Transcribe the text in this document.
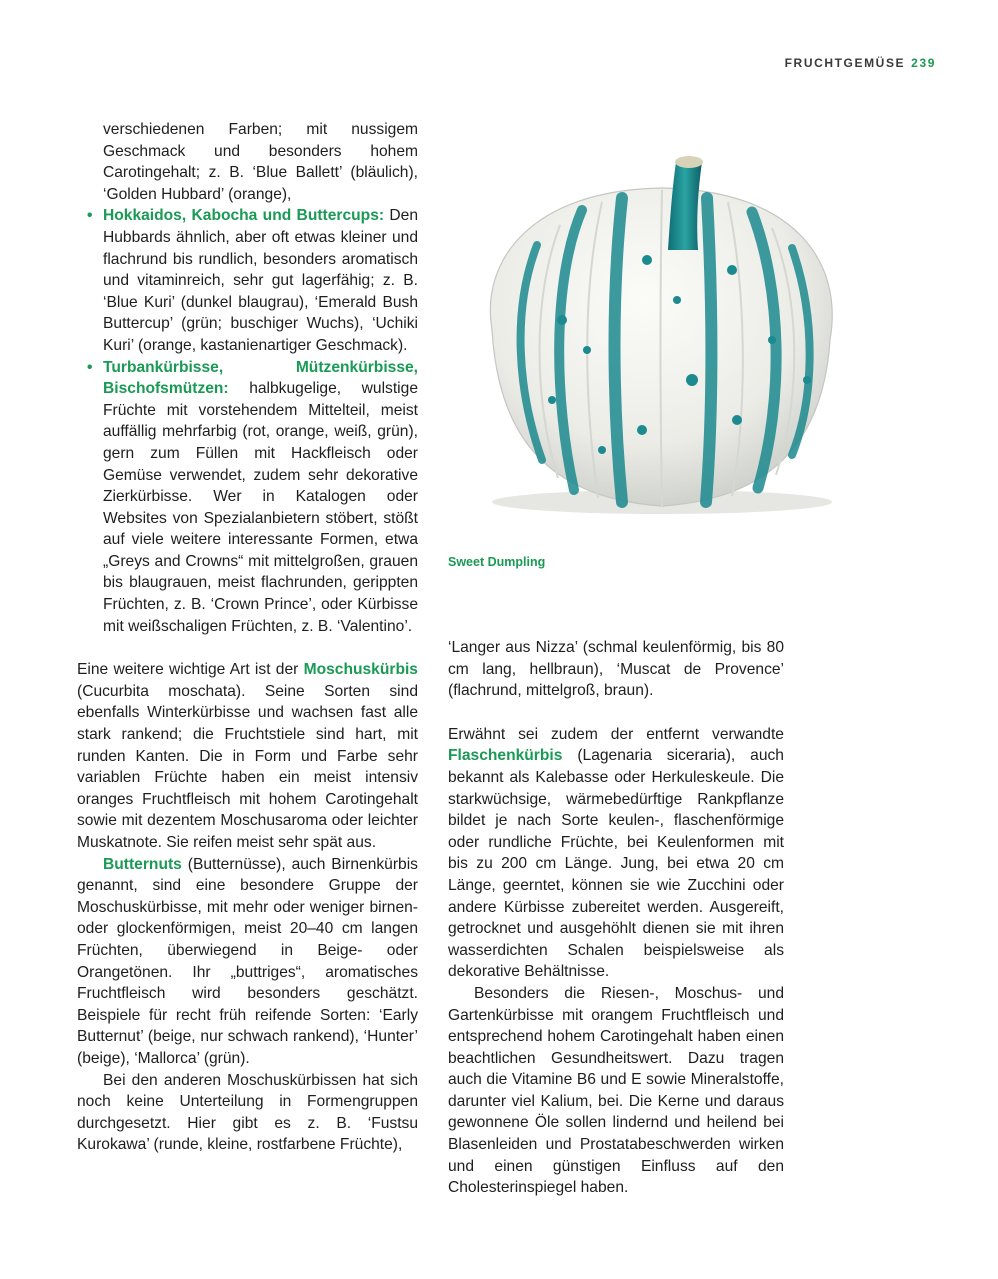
FRUCHTGEMÜSE 239

verschiedenen Farben; mit nussigem Geschmack und besonders hohem Carotingehalt; z. B. ‘Blue Ballett’ (bläulich), ‘Golden Hubbard’ (orange),

• Hokkaidos, Kabocha und Buttercups: Den Hubbards ähnlich, aber oft etwas kleiner und flachrund bis rundlich, besonders aromatisch und vitaminreich, sehr gut lagerfähig; z. B. ‘Blue Kuri’ (dunkel blaugrau), ‘Emerald Bush Buttercup’ (grün; buschiger Wuchs), ‘Uchiki Kuri’ (orange, kastanienartiger Geschmack).
• Turbankürbisse, Mützenkürbisse, Bischofsmützen: halbkugelige, wulstige Früchte mit vorstehendem Mittelteil, meist auffällig mehrfarbig (rot, orange, weiß, grün), gern zum Füllen mit Hackfleisch oder Gemüse verwendet, zudem sehr dekorative Zierkürbisse. Wer in Katalogen oder Websites von Spezialanbietern stöbert, stößt auf viele weitere interessante Formen, etwa „Greys and Crowns“ mit mittelgroßen, grauen bis blaugrauen, meist flachrunden, gerippten Früchten, z. B. ‘Crown Prince’, oder Kürbisse mit weißschaligen Früchten, z. B. ‘Valentino’.

Eine weitere wichtige Art ist der Moschuskürbis (Cucurbita moschata). Seine Sorten sind ebenfalls Winterkürbisse und wachsen fast alle stark rankend; die Fruchtstiele sind hart, mit runden Kanten. Die in Form und Farbe sehr variablen Früchte haben ein meist intensiv oranges Fruchtfleisch mit hohem Carotingehalt sowie mit dezentem Moschusaroma oder leichter Muskatnote. Sie reifen meist sehr spät aus.

Butternuts (Butternüsse), auch Birnenkürbis genannt, sind eine besondere Gruppe der Moschuskürbisse, mit mehr oder weniger birnen- oder glockenförmigen, meist 20–40 cm langen Früchten, überwiegend in Beige- oder Orangetönen. Ihr „buttriges“, aromatisches Fruchtfleisch wird besonders geschätzt. Beispiele für recht früh reifende Sorten: ‘Early Butternut’ (beige, nur schwach rankend), ‘Hunter’ (beige), ‘Mallorca’ (grün).

Bei den anderen Moschuskürbissen hat sich noch keine Unterteilung in Formengruppen durchgesetzt. Hier gibt es z. B. ‘Fustsu Kurokawa’ (runde, kleine, rostfarbene Früchte),

Sweet Dumpling

‘Langer aus Nizza’ (schmal keulenförmig, bis 80 cm lang, hellbraun), ‘Muscat de Provence’ (flachrund, mittelgroß, braun).

Erwähnt sei zudem der entfernt verwandte Flaschenkürbis (Lagenaria siceraria), auch bekannt als Kalebasse oder Herkuleskeule. Die starkwüchsige, wärmebedürftige Rankpflanze bildet je nach Sorte keulen-, flaschenförmige oder rundliche Früchte, bei Keulenformen mit bis zu 200 cm Länge. Jung, bei etwa 20 cm Länge, geerntet, können sie wie Zucchini oder andere Kürbisse zubereitet werden. Ausgereift, getrocknet und ausgehöhlt dienen sie mit ihren wasserdichten Schalen beispielsweise als dekorative Behältnisse.

Besonders die Riesen-, Moschus- und Gartenkürbisse mit orangem Fruchtfleisch und entsprechend hohem Carotingehalt haben einen beachtlichen Gesundheitswert. Dazu tragen auch die Vitamine B6 und E sowie Mineralstoffe, darunter viel Kalium, bei. Die Kerne und daraus gewonnene Öle sollen lindernd und heilend bei Blasenleiden und Prostatabeschwerden wirken und einen günstigen Einfluss auf den Cholesterinspiegel haben.
